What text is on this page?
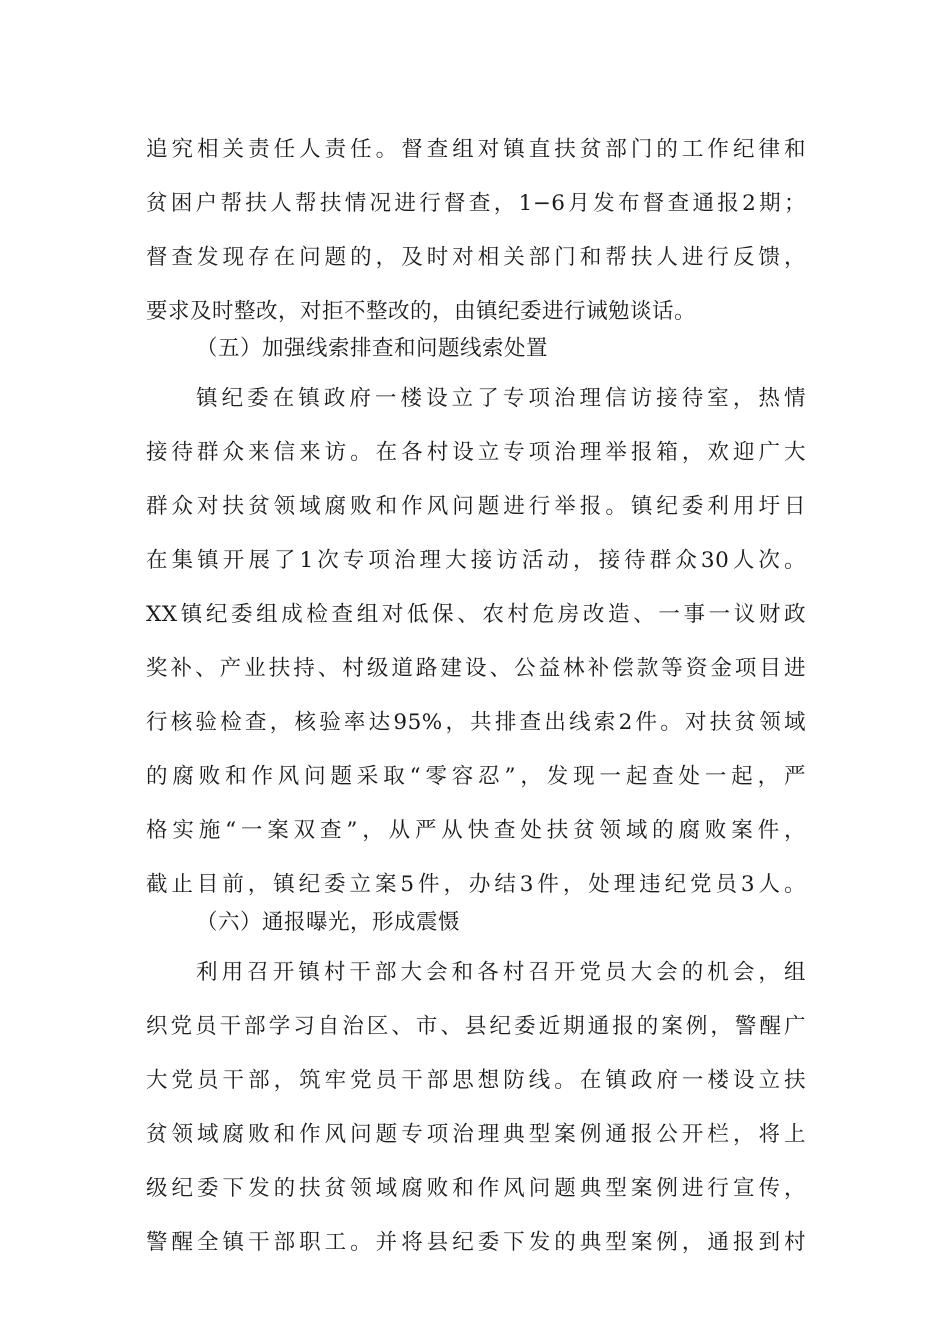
追究相关责任人责任。督查组对镇直扶贫部门的工作纪律和
贫困户帮扶人帮扶情况进行督查，1−6月发布督查通报2期；
督查发现存在问题的，及时对相关部门和帮扶人进行反馈，
要求及时整改，对拒不整改的，由镇纪委进行诫勉谈话。
（五）加强线索排查和问题线索处置
镇纪委在镇政府一楼设立了专项治理信访接待室，热情
接待群众来信来访。在各村设立专项治理举报箱，欢迎广大
群众对扶贫领域腐败和作风问题进行举报。镇纪委利用圩日
在集镇开展了1次专项治理大接访活动，接待群众30人次。
XX镇纪委组成检查组对低保、农村危房改造、一事一议财政
奖补、产业扶持、村级道路建设、公益林补偿款等资金项目进
行核验检查，核验率达95%，共排查出线索2件。对扶贫领域
的腐败和作风问题采取“零容忍”，发现一起查处一起，严
格实施“一案双查”，从严从快查处扶贫领域的腐败案件，
截止目前，镇纪委立案5件，办结3件，处理违纪党员3人。
（六）通报曝光，形成震慑
利用召开镇村干部大会和各村召开党员大会的机会，组
织党员干部学习自治区、市、县纪委近期通报的案例，警醒广
大党员干部，筑牢党员干部思想防线。在镇政府一楼设立扶
贫领域腐败和作风问题专项治理典型案例通报公开栏，将上
级纪委下发的扶贫领域腐败和作风问题典型案例进行宣传，
警醒全镇干部职工。并将县纪委下发的典型案例，通报到村
